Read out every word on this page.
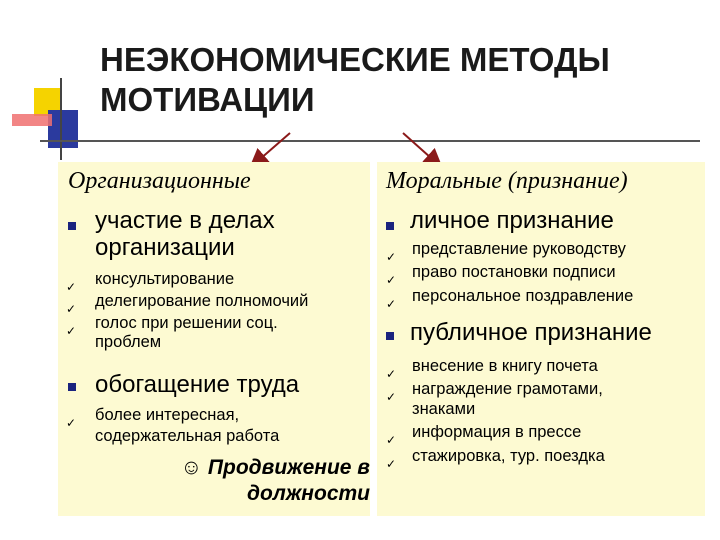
НЕЭКОНОМИЧЕСКИЕ МЕТОДЫ МОТИВАЦИИ
Организационные
участие в делах
организации
✓ консультирование
✓ делегирование полномочий
✓ голос при решении соц.
проблем
обогащение труда
✓ более интересная,
содержательная работа
☺ Продвижение в
должности
Моральные (признание)
личное признание
✓ представление руководству
✓ право постановки подписи
✓ персональное поздравление
публичное признание
✓ внесение в книгу почета
✓ награждение грамотами,
знаками
✓ информация в прессе
✓ стажировка, тур. поездка
